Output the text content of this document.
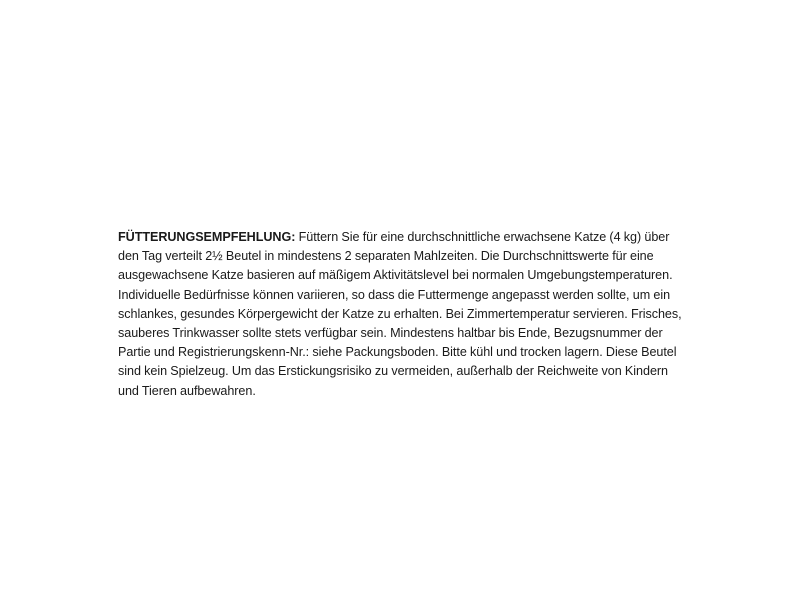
FÜTTERUNGSEMPFEHLUNG: Füttern Sie für eine durchschnittliche erwachsene Katze (4 kg) über den Tag verteilt 2½ Beutel in mindestens 2 separaten Mahlzeiten. Die Durchschnittswerte für eine ausgewachsene Katze basieren auf mäßigem Aktivitätslevel bei normalen Umgebungstemperaturen. Individuelle Bedürfnisse können variieren, so dass die Futtermenge angepasst werden sollte, um ein schlankes, gesundes Körpergewicht der Katze zu erhalten. Bei Zimmertemperatur servieren. Frisches, sauberes Trinkwasser sollte stets verfügbar sein. Mindestens haltbar bis Ende, Bezugsnummer der Partie und Registrierungskenn-Nr.: siehe Packungsboden. Bitte kühl und trocken lagern. Diese Beutel sind kein Spielzeug. Um das Erstickungsrisiko zu vermeiden, außerhalb der Reichweite von Kindern und Tieren aufbewahren.
